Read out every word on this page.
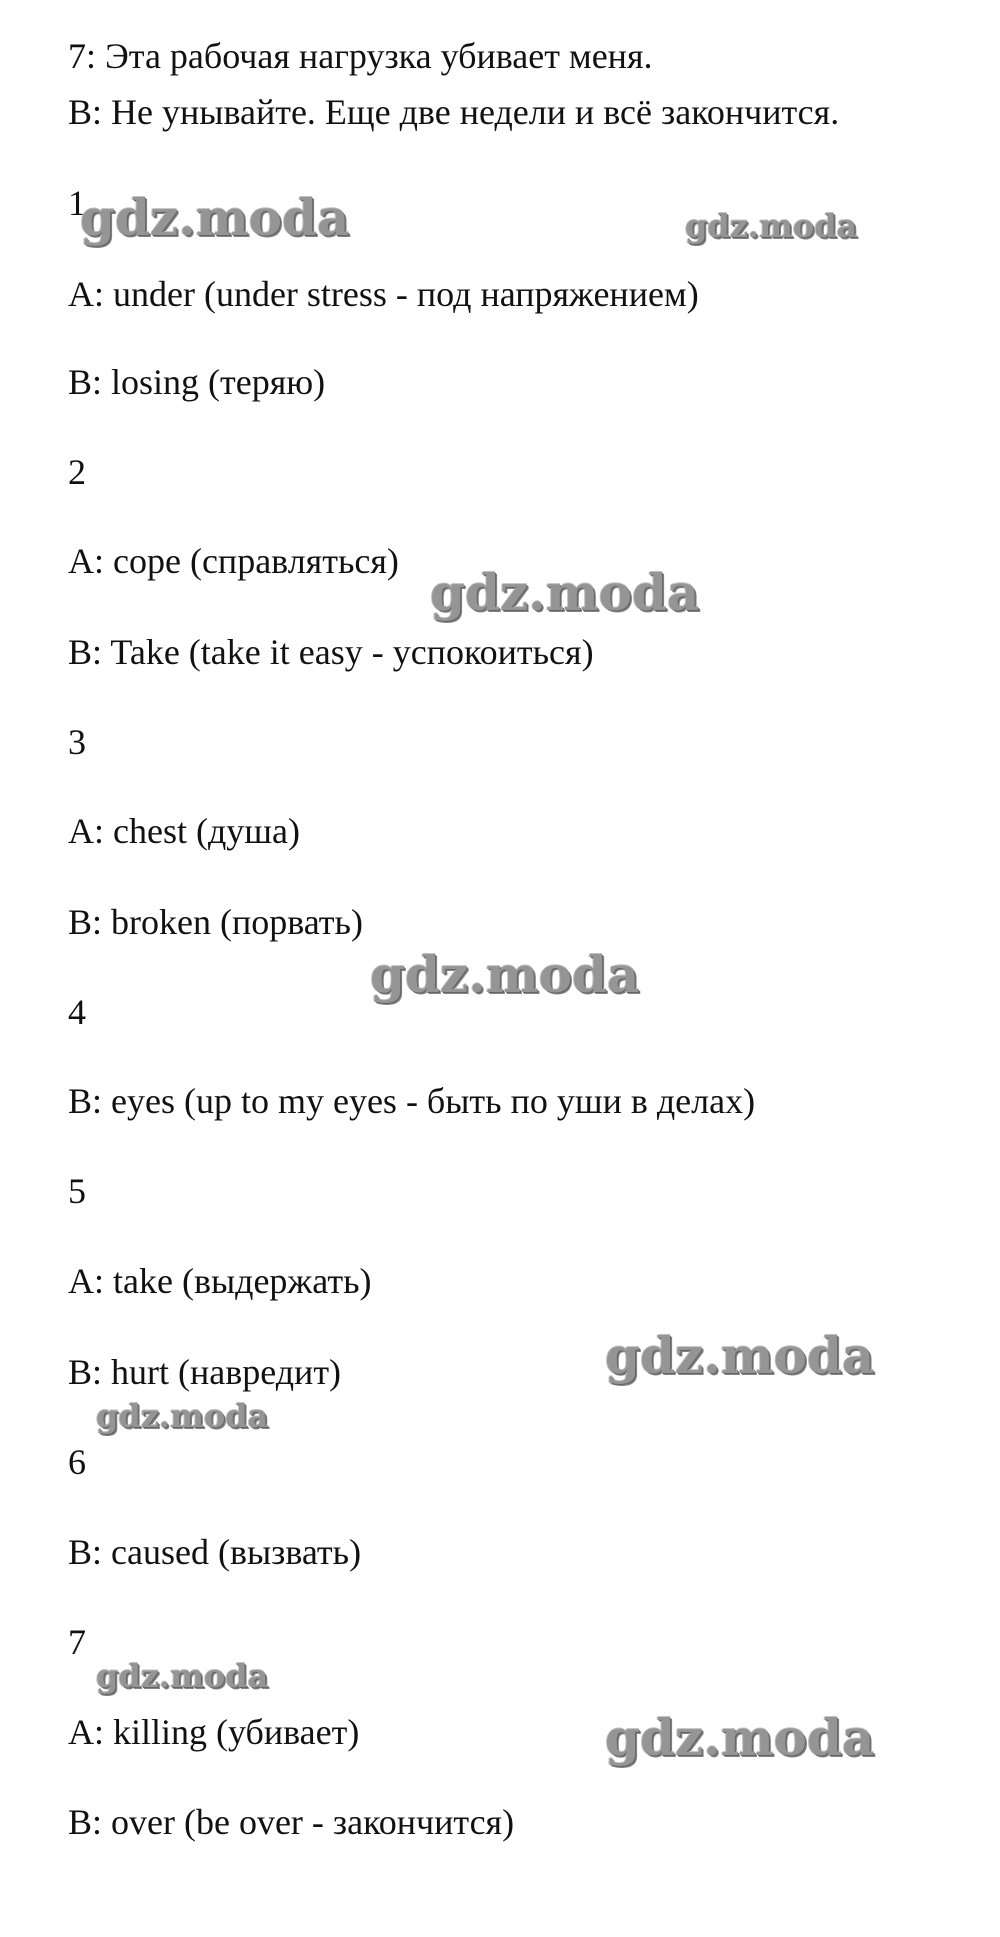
7: Эта рабочая нагрузка убивает меня.
B: Не унывайте. Еще две недели и всё закончится.
1
A: under (under stress - под напряжением)
B: losing (теряю)
2
A: cope (справляться)
B: Take (take it easy - успокоиться)
3
A: chest (душа)
B: broken (порвать)
4
B: eyes (up to my eyes - быть по уши в делах)
5
A: take (выдержать)
B: hurt (навредит)
6
B: caused (вызвать)
7
A: killing (убивает)
B: over (be over - закончится)
gdz.moda	gdz.moda
gdz.moda
gdz.moda
gdz.moda
gdz.moda
gdz.moda
gdz.moda
